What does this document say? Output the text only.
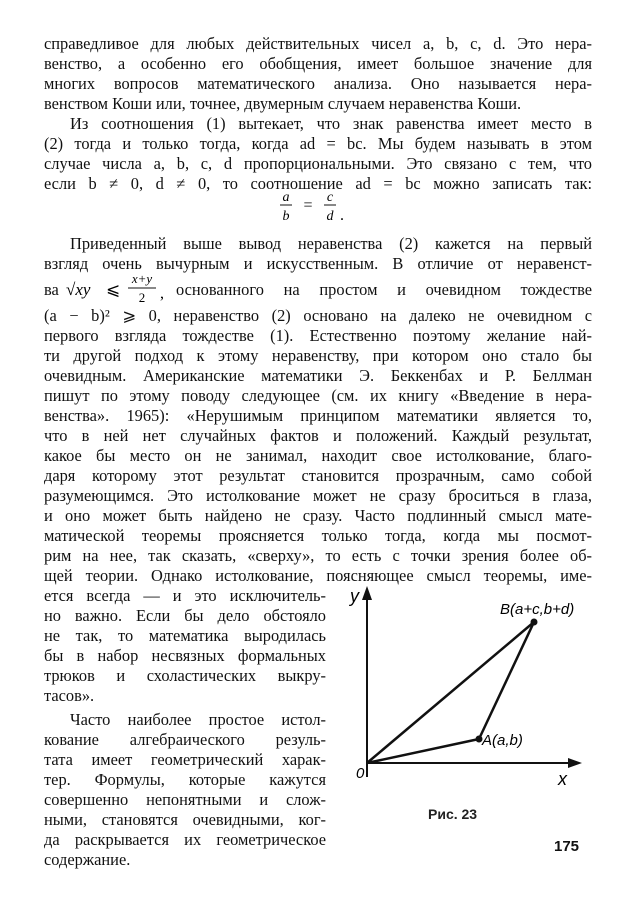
справедливое для любых действительных чисел a, b, c, d. Это нера-
венство, а особенно его обобщения, имеет большое значение для
многих вопросов математического анализа. Оно называется нера-
венством Коши или, точнее, двумерным случаем неравенства Коши.
Из соотношения (1) вытекает, что знак равенства имеет место в
(2) тогда и только тогда, когда ad = bc. Мы будем называть в этом
случае числа a, b, c, d пропорциональными. Это связано с тем, что
если b ≠ 0, d ≠ 0, то соотношение ad = bc можно записать так:
a
b
= c
d .
Приведенный выше вывод неравенства (2) кажется на первый
взгляд очень вычурным и искусственным. В отличие от неравенст-
ва √xy ⩽
x+y
2 , основанного на простом и очевидном тождестве
(a − b)² ⩾ 0, неравенство (2) основано на далеко не очевидном с
первого взгляда тождестве (1). Естественно поэтому желание най-
ти другой подход к этому неравенству, при котором оно стало бы
очевидным. Американские математики Э. Беккенбах и Р. Беллман
пишут по этому поводу следующее (см. их книгу «Введение в нера-
венства». 1965): «Нерушимым принципом математики является то,
что в ней нет случайных фактов и положений. Каждый результат,
какое бы место он не занимал, находит свое истолкование, благо-
даря которому этот результат становится прозрачным, само собой
разумеющимся. Это истолкование может не сразу броситься в глаза,
и оно может быть найдено не сразу. Часто подлинный смысл мате-
матической теоремы проясняется только тогда, когда мы посмот-
рим на нее, так сказать, «сверху», то есть с точки зрения более об-
щей теории. Однако истолкование, поясняющее смысл теоремы, име-
ется всегда — и это исключитель-
но важно. Если бы дело обстояло
не так, то математика выродилась
бы в набор несвязных формальных
трюков и схоластических выкру-
тасов».
Часто наиболее простое истол-
кование алгебраического резуль-
тата имеет геометрический харак-
тер. Формулы, которые кажутся
совершенно непонятными и слож-
ными, становятся очевидными, ког-
да раскрывается их геометрическое
содержание.
y
x
0
A(a,b)
B(a+c,b+d)
Рис. 23
175
